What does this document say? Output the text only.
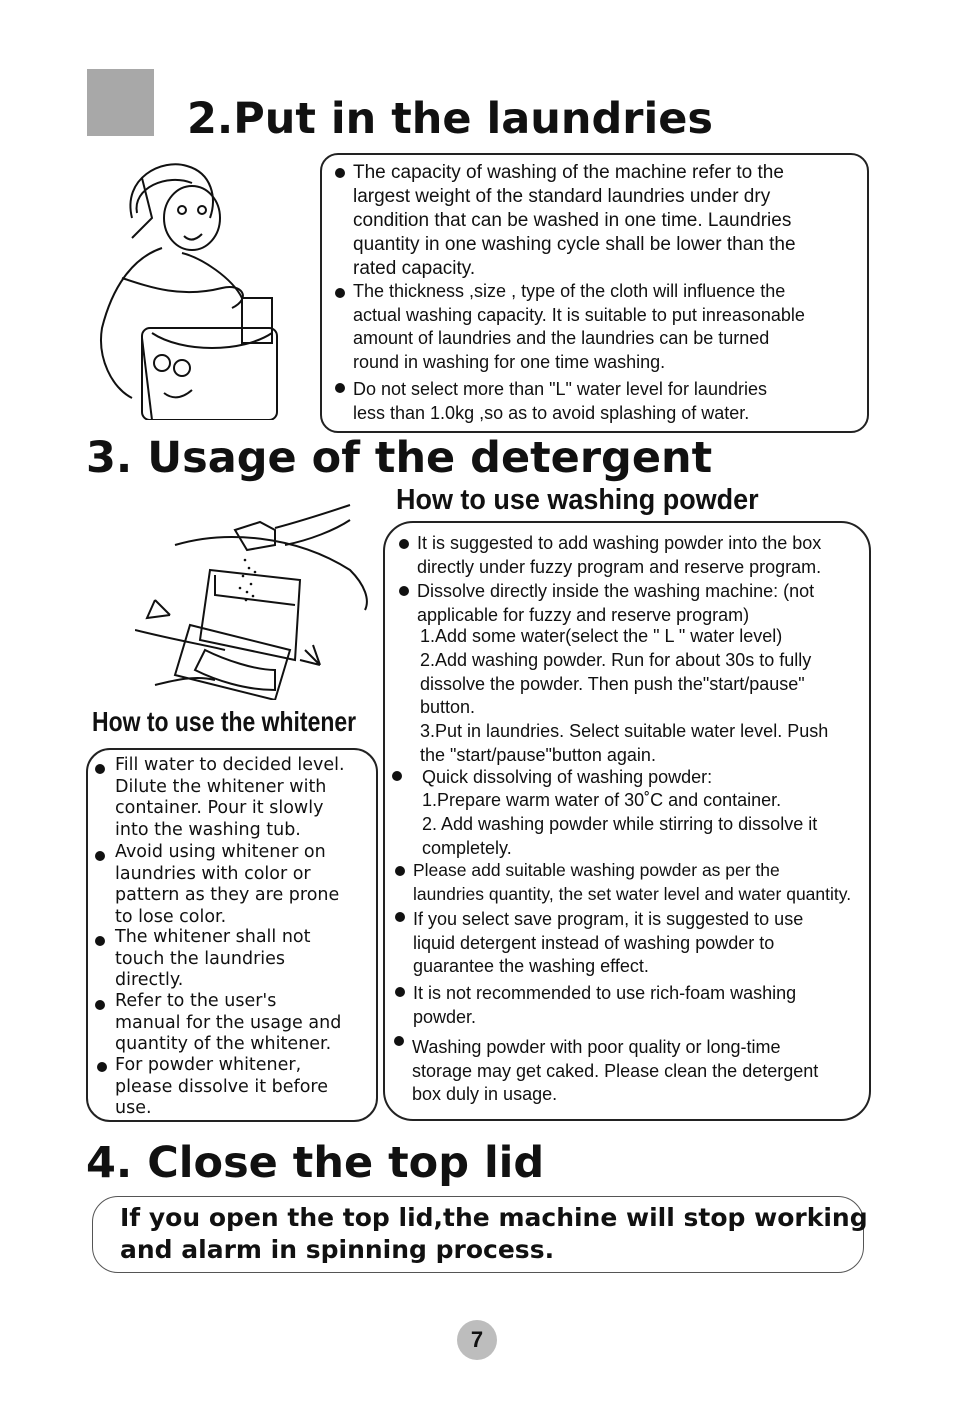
2.Put in the laundries
The capacity of washing of the machine refer to the
largest weight of the standard laundries under dry
condition that can be washed in one time. Laundries
quantity in one washing cycle shall be lower than the
rated capacity.
The thickness ,size , type of the cloth will influence the
actual washing capacity. It is suitable to put inreasonable
amount of laundries and the laundries can be turned
round in washing for one time washing.
Do not select more than "L" water level for laundries
less than 1.0kg ,so as to avoid splashing of water.
3. Usage of the detergent
How to use washing powder
How to use the whitener
It is suggested to add washing powder into the box
directly under fuzzy program and reserve program.
Dissolve directly inside the washing machine: (not
applicable for fuzzy and reserve program)
1.Add some water(select the " L " water level)
2.Add washing powder. Run for about 30s to fully
dissolve the powder. Then push the"start/pause"
button.
3.Put in laundries. Select suitable water level. Push
the "start/pause"button again.
Quick dissolving of washing powder:
1.Prepare warm water of 30˚C and container.
2. Add washing powder while stirring to dissolve it
completely.
Please add suitable washing powder as per the
laundries quantity, the set water level and water quantity.
If you select save program, it is suggested to use
liquid detergent instead of washing powder to
guarantee the washing effect.
It is not recommended to use rich-foam washing
powder.
Washing powder with poor quality or long-time
storage may get caked. Please clean the detergent
box duly in usage.
Fill water to decided level.
Dilute the whitener with
container. Pour it slowly
into the washing tub.
Avoid using whitener on
laundries with color or
pattern as they are prone
to lose color.
The whitener shall not
touch the laundries
directly.
Refer to the user's
manual for the usage and
quantity of the whitener.
For powder whitener,
please dissolve it before
use.
4. Close the top lid
If you open the top lid,the machine will stop working
and alarm in spinning process.
7
